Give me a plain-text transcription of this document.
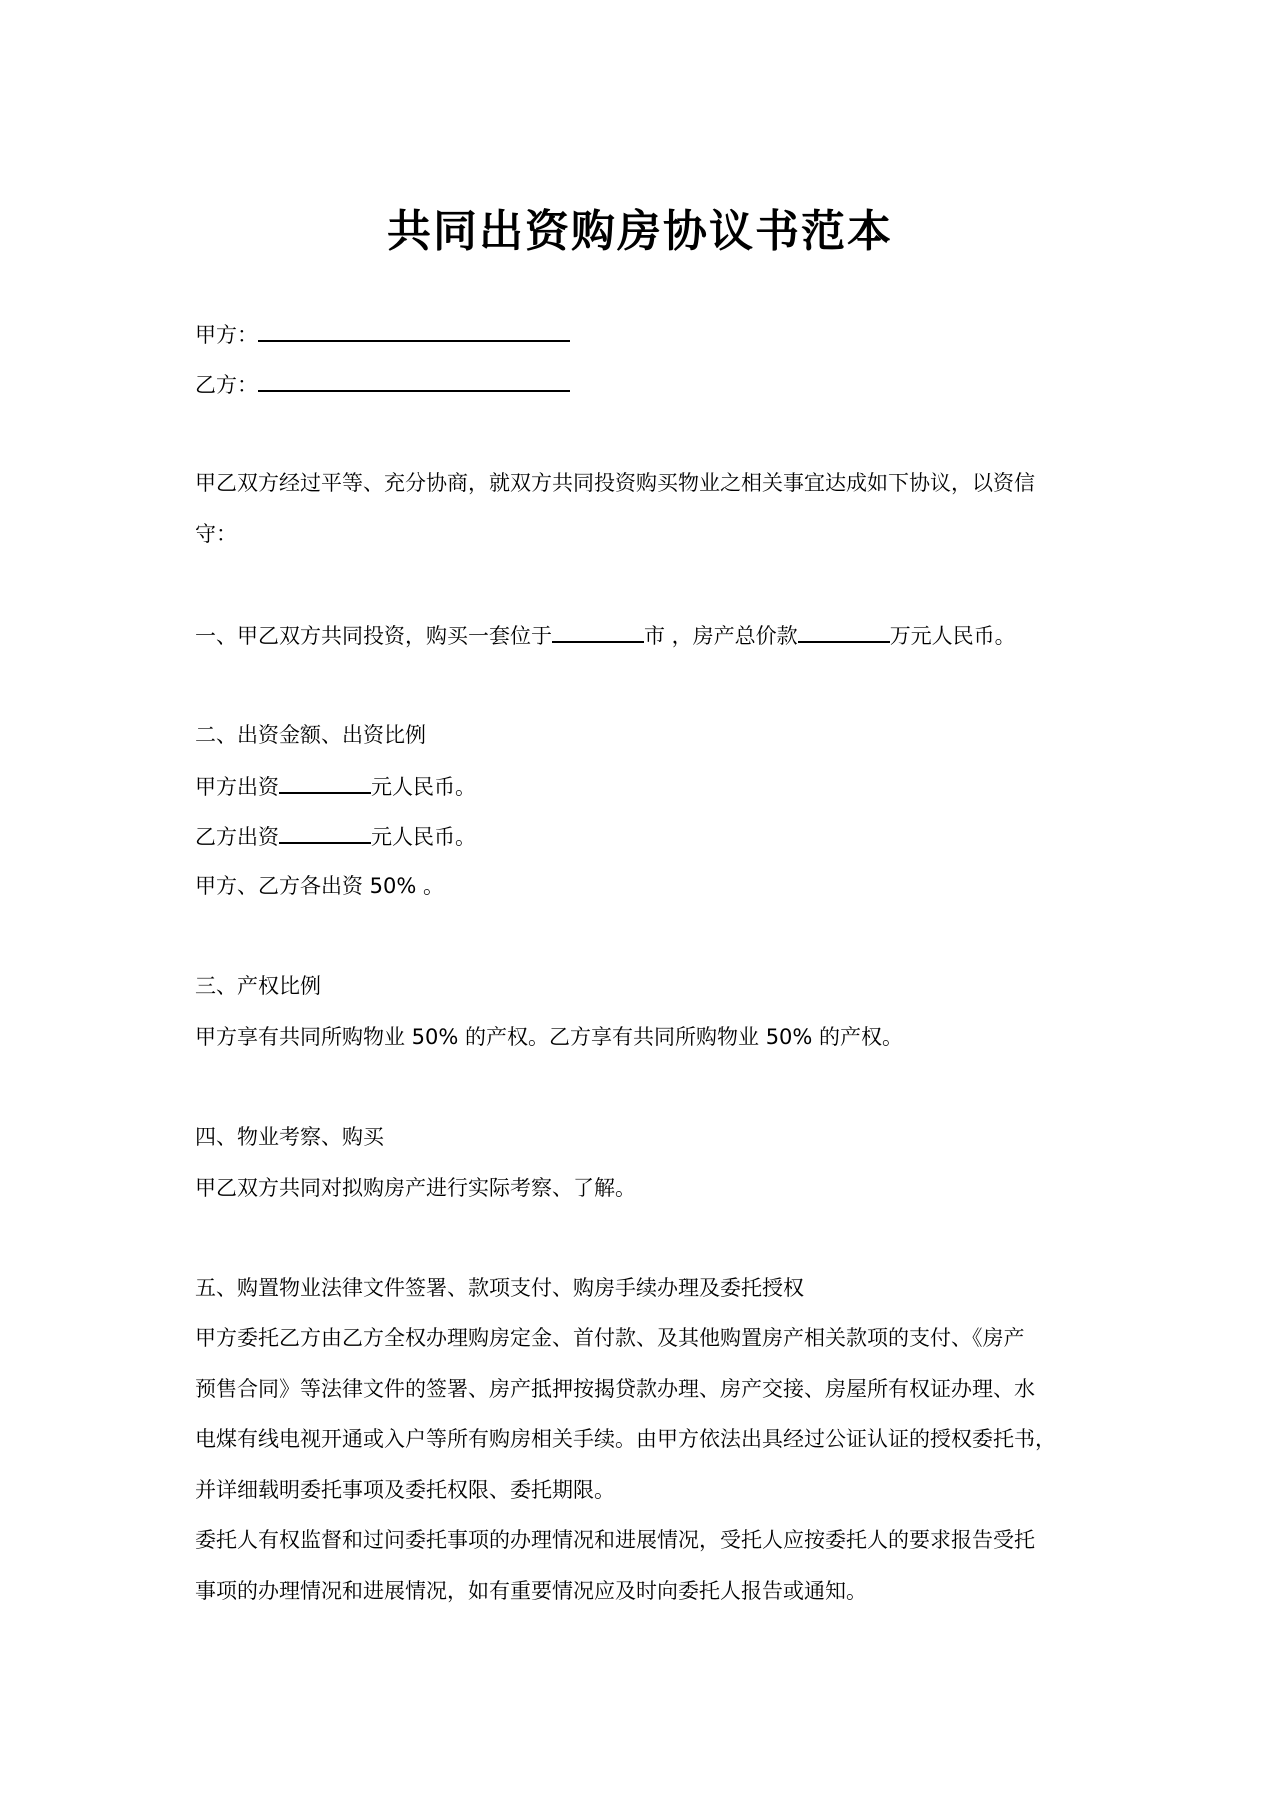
共同出资购房协议书范本

甲方：

乙方：

甲乙双方经过平等、充分协商，就双方共同投资购买物业之相关事宜达成如下协议，以资信

守：

一、甲乙双方共同投资，购买一套位于	市 ，房产总价款	万元人民币。

二、出资金额、出资比例

甲方出资	元人民币。

乙方出资	元人民币。

甲方、乙方各出资 50% 。

三、产权比例

甲方享有共同所购物业 50% 的产权。乙方享有共同所购物业 50% 的产权。

四、物业考察、购买

甲乙双方共同对拟购房产进行实际考察、了解。

五、购置物业法律文件签署、款项支付、购房手续办理及委托授权

甲方委托乙方由乙方全权办理购房定金、首付款、及其他购置房产相关款项的支付、《房产

预售合同》等法律文件的签署、房产抵押按揭贷款办理、房产交接、房屋所有权证办理、水

电煤有线电视开通或入户等所有购房相关手续。由甲方依法出具经过公证认证的授权委托书，

并详细载明委托事项及委托权限、委托期限。

委托人有权监督和过问委托事项的办理情况和进展情况，受托人应按委托人的要求报告受托

事项的办理情况和进展情况，如有重要情况应及时向委托人报告或通知。
